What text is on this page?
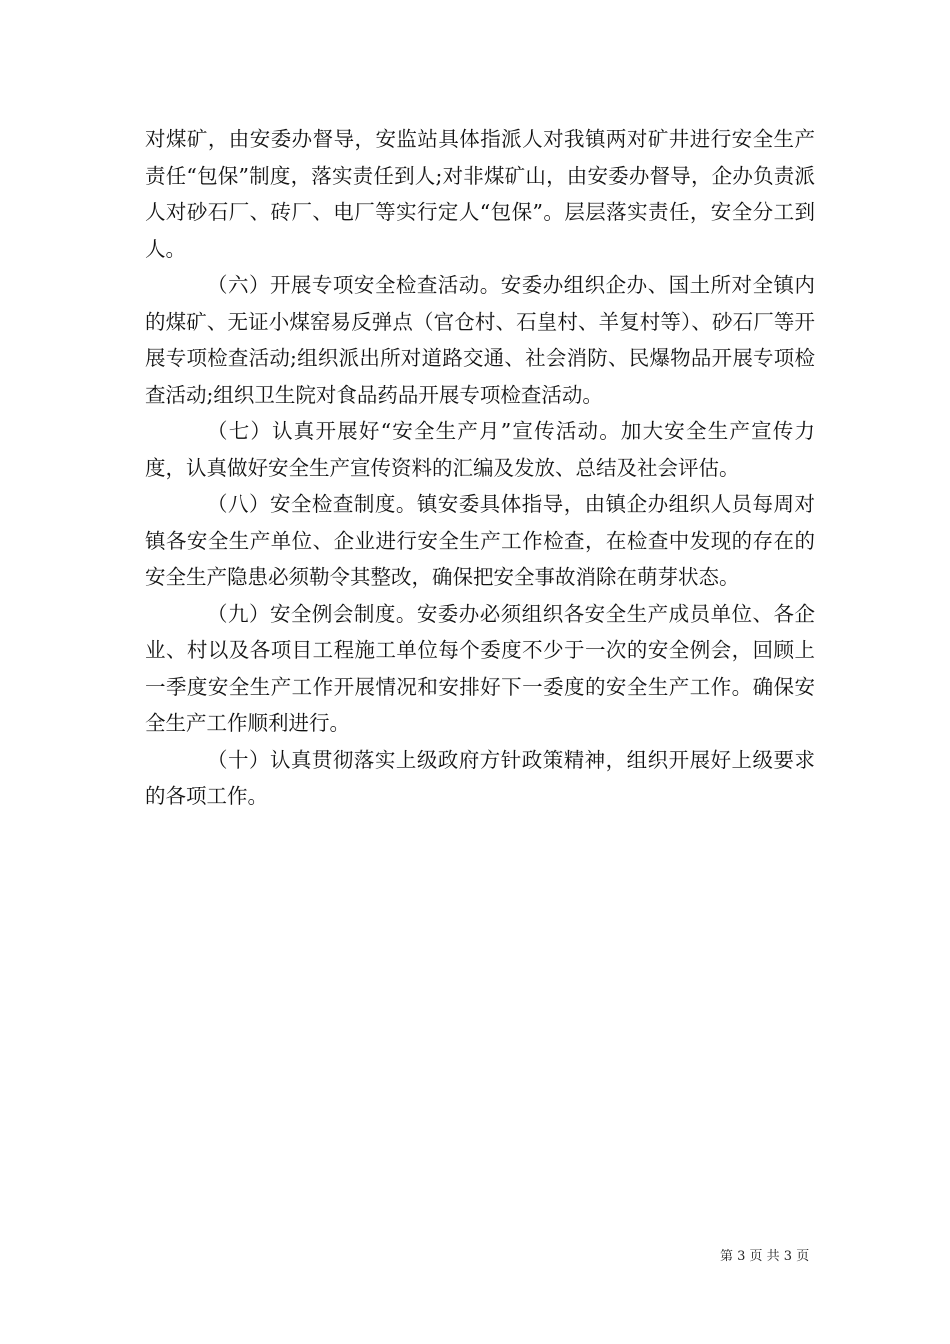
对煤矿，由安委办督导，安监站具体指派人对我镇两对矿井进行安全生产责任“包保”制度，落实责任到人;对非煤矿山，由安委办督导，企办负责派人对砂石厂、砖厂、电厂等实行定人“包保”。层层落实责任，安全分工到人。

（六）开展专项安全检查活动。安委办组织企办、国土所对全镇内的煤矿、无证小煤窑易反弹点（官仓村、石皇村、羊复村等）、砂石厂等开展专项检查活动;组织派出所对道路交通、社会消防、民爆物品开展专项检查活动;组织卫生院对食品药品开展专项检查活动。

（七）认真开展好“安全生产月”宣传活动。加大安全生产宣传力度，认真做好安全生产宣传资料的汇编及发放、总结及社会评估。

（八）安全检查制度。镇安委具体指导，由镇企办组织人员每周对镇各安全生产单位、企业进行安全生产工作检查，在检查中发现的存在的安全生产隐患必须勒令其整改，确保把安全事故消除在萌芽状态。

（九）安全例会制度。安委办必须组织各安全生产成员单位、各企业、村以及各项目工程施工单位每个委度不少于一次的安全例会，回顾上一季度安全生产工作开展情况和安排好下一委度的安全生产工作。确保安全生产工作顺利进行。

（十）认真贯彻落实上级政府方针政策精神，组织开展好上级要求的各项工作。

第 3 页 共 3 页
